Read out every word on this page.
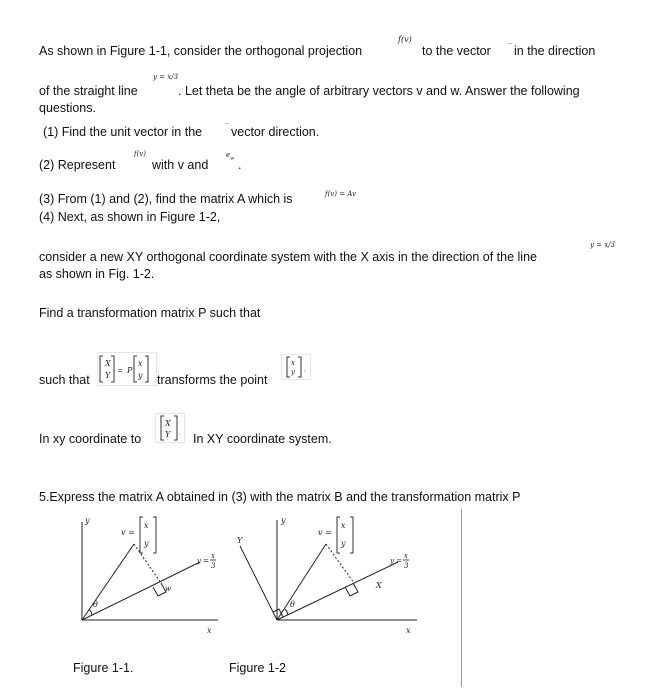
As shown in Figure 1-1, consider the orthogonal projection
f(v)
to the vector ⁻ in the direction
of the straight line
y = x/3
. Let theta be the angle of arbitrary vectors v and w. Answer the following
questions.
(1) Find the unit vector in the	⁻ vector direction.
(2) Represent
f(v)
with v and
$e_w$ .
(3) From (1) and (2), find the matrix A which is	f(v) = Av
(4) Next, as shown in Figure 1-2,
consider a new XY orthogonal coordinate system with the X axis in the direction of the line
y = x/3
as shown in Fig. 1-2.
Find a transformation matrix P such that
such that
X
Y
= P
x
y transforms the point
x
y ,
In xy coordinate to
X
Y . In XY coordinate system.
5.Express the matrix A obtained in (3) with the matrix B and the transformation matrix P
v =
x
y
y
x
w
θ
y =
x
3
Figure 1-1.
v =
x
y
y
Y
X
x
θ
y =
x
3
Figure 1-2
